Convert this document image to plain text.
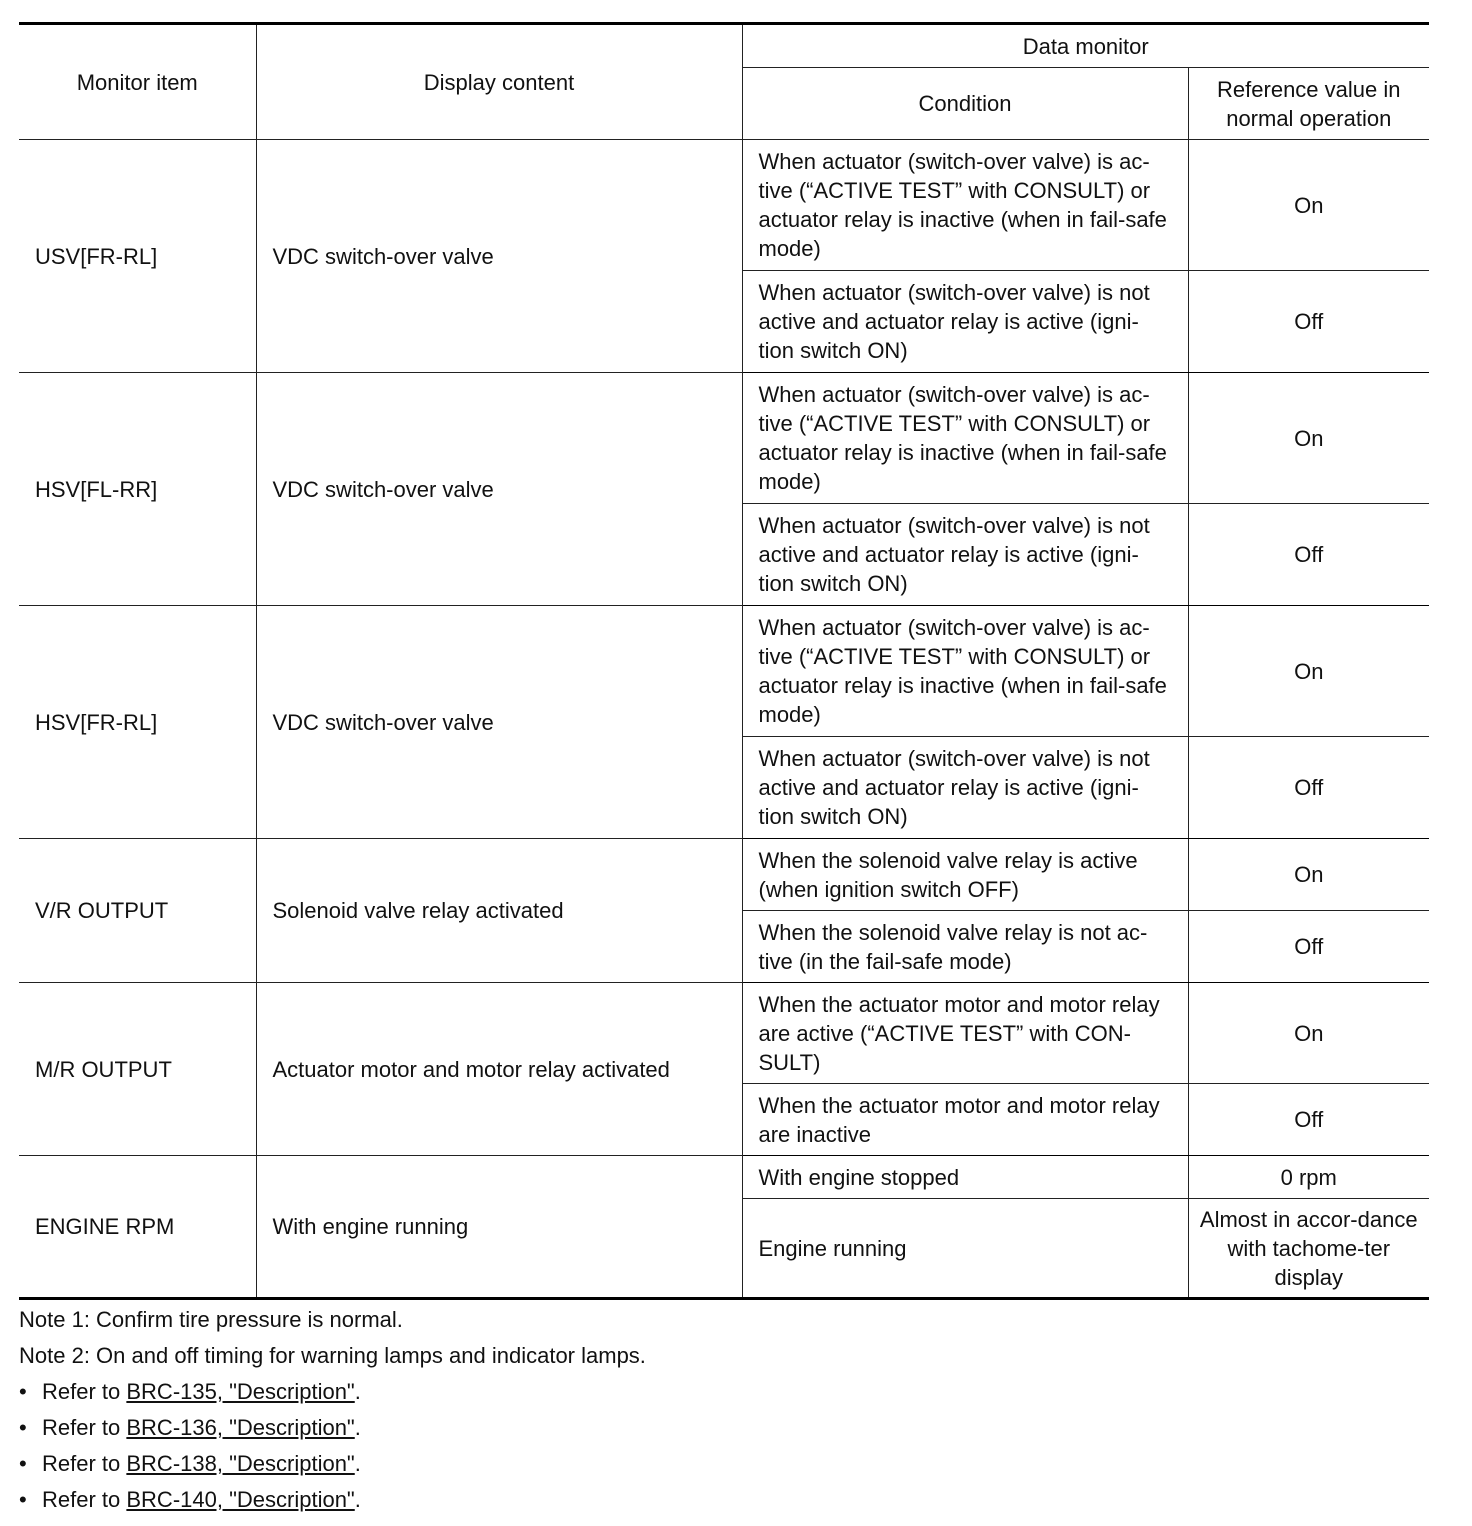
Monitor item	Display content	Data monitor	
		Condition	Reference value in normal operation
USV[FR-RL]	VDC switch-over valve	When actuator (switch-over valve) is ac-tive (“ACTIVE TEST” with CONSULT) or actuator relay is inactive (when in fail-safe mode)	On
		When actuator (switch-over valve) is not active and actuator relay is active (igni-tion switch ON)	Off
HSV[FL-RR]	VDC switch-over valve	When actuator (switch-over valve) is ac-tive (“ACTIVE TEST” with CONSULT) or actuator relay is inactive (when in fail-safe mode)	On
		When actuator (switch-over valve) is not active and actuator relay is active (igni-tion switch ON)	Off
HSV[FR-RL]	VDC switch-over valve	When actuator (switch-over valve) is ac-tive (“ACTIVE TEST” with CONSULT) or actuator relay is inactive (when in fail-safe mode)	On
		When actuator (switch-over valve) is not active and actuator relay is active (igni-tion switch ON)	Off
V/R OUTPUT	Solenoid valve relay activated	When the solenoid valve relay is active (when ignition switch OFF)	On
		When the solenoid valve relay is not ac-tive (in the fail-safe mode)	Off
M/R OUTPUT	Actuator motor and motor relay activated	When the actuator motor and motor relay are active (“ACTIVE TEST” with CON-SULT)	On
		When the actuator motor and motor relay are inactive	Off
ENGINE RPM	With engine running	With engine stopped	0 rpm
		Engine running	Almost in accor-dance with tachome-ter display
Note 1: Confirm tire pressure is normal.
Note 2: On and off timing for warning lamps and indicator lamps.
• Refer to BRC-135, "Description".
• Refer to BRC-136, "Description".
• Refer to BRC-138, "Description".
• Refer to BRC-140, "Description".
